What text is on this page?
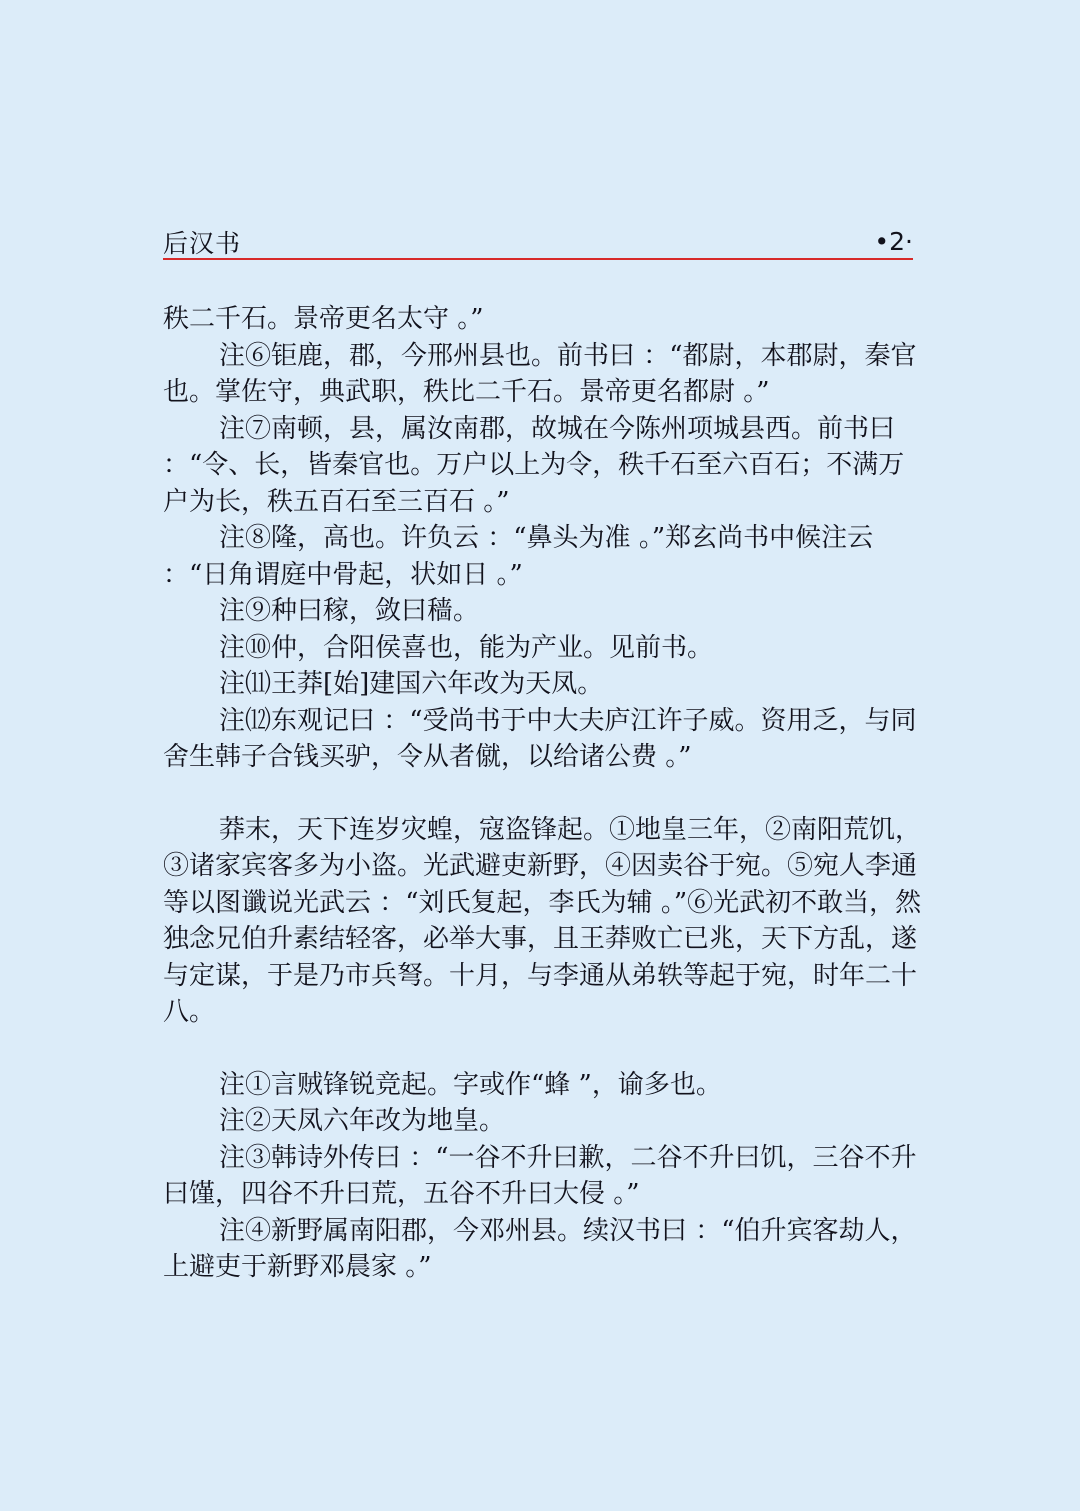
后汉书	•2·

秩二千石。景帝更名太守 。”

注⑥钜鹿，郡，今邢州县也。前书曰 ：“都尉，本郡尉，秦官也。掌佐守，典武职，秩比二千石。景帝更名都尉 。”

注⑦南顿，县，属汝南郡，故城在今陈州项城县西。前书曰 ：“令、长，皆秦官也。万户以上为令，秩千石至六百石；不满万户为长，秩五百石至三百石 。”

注⑧隆，高也。许负云 ：“鼻头为准 。”郑玄尚书中候注云 ：“日角谓庭中骨起，状如日 。”

注⑨种曰稼，敛曰穑。

注⑩仲，合阳侯喜也，能为产业。见前书。

注⑾王莽[始]建国六年改为天凤。

注⑿东观记曰 ：“受尚书于中大夫庐江许子威。资用乏，与同舍生韩子合钱买驴，令从者僦，以给诸公费 。”

莽末，天下连岁灾蝗，寇盗锋起。①地皇三年，②南阳荒饥，③诸家宾客多为小盗。光武避吏新野，④因卖谷于宛。⑤宛人李通等以图谶说光武云 ：“刘氏复起，李氏为辅 。”⑥光武初不敢当，然独念兄伯升素结轻客，必举大事，且王莽败亡已兆，天下方乱，遂与定谋，于是乃市兵弩。十月，与李通从弟轶等起于宛，时年二十八。

注①言贼锋锐竞起。字或作“蜂 ”，谕多也。

注②天凤六年改为地皇。

注③韩诗外传曰 ：“一谷不升曰歉，二谷不升曰饥，三谷不升曰馑，四谷不升曰荒，五谷不升曰大侵 。”

注④新野属南阳郡，今邓州县。续汉书曰 ：“伯升宾客劫人，上避吏于新野邓晨家 。”
